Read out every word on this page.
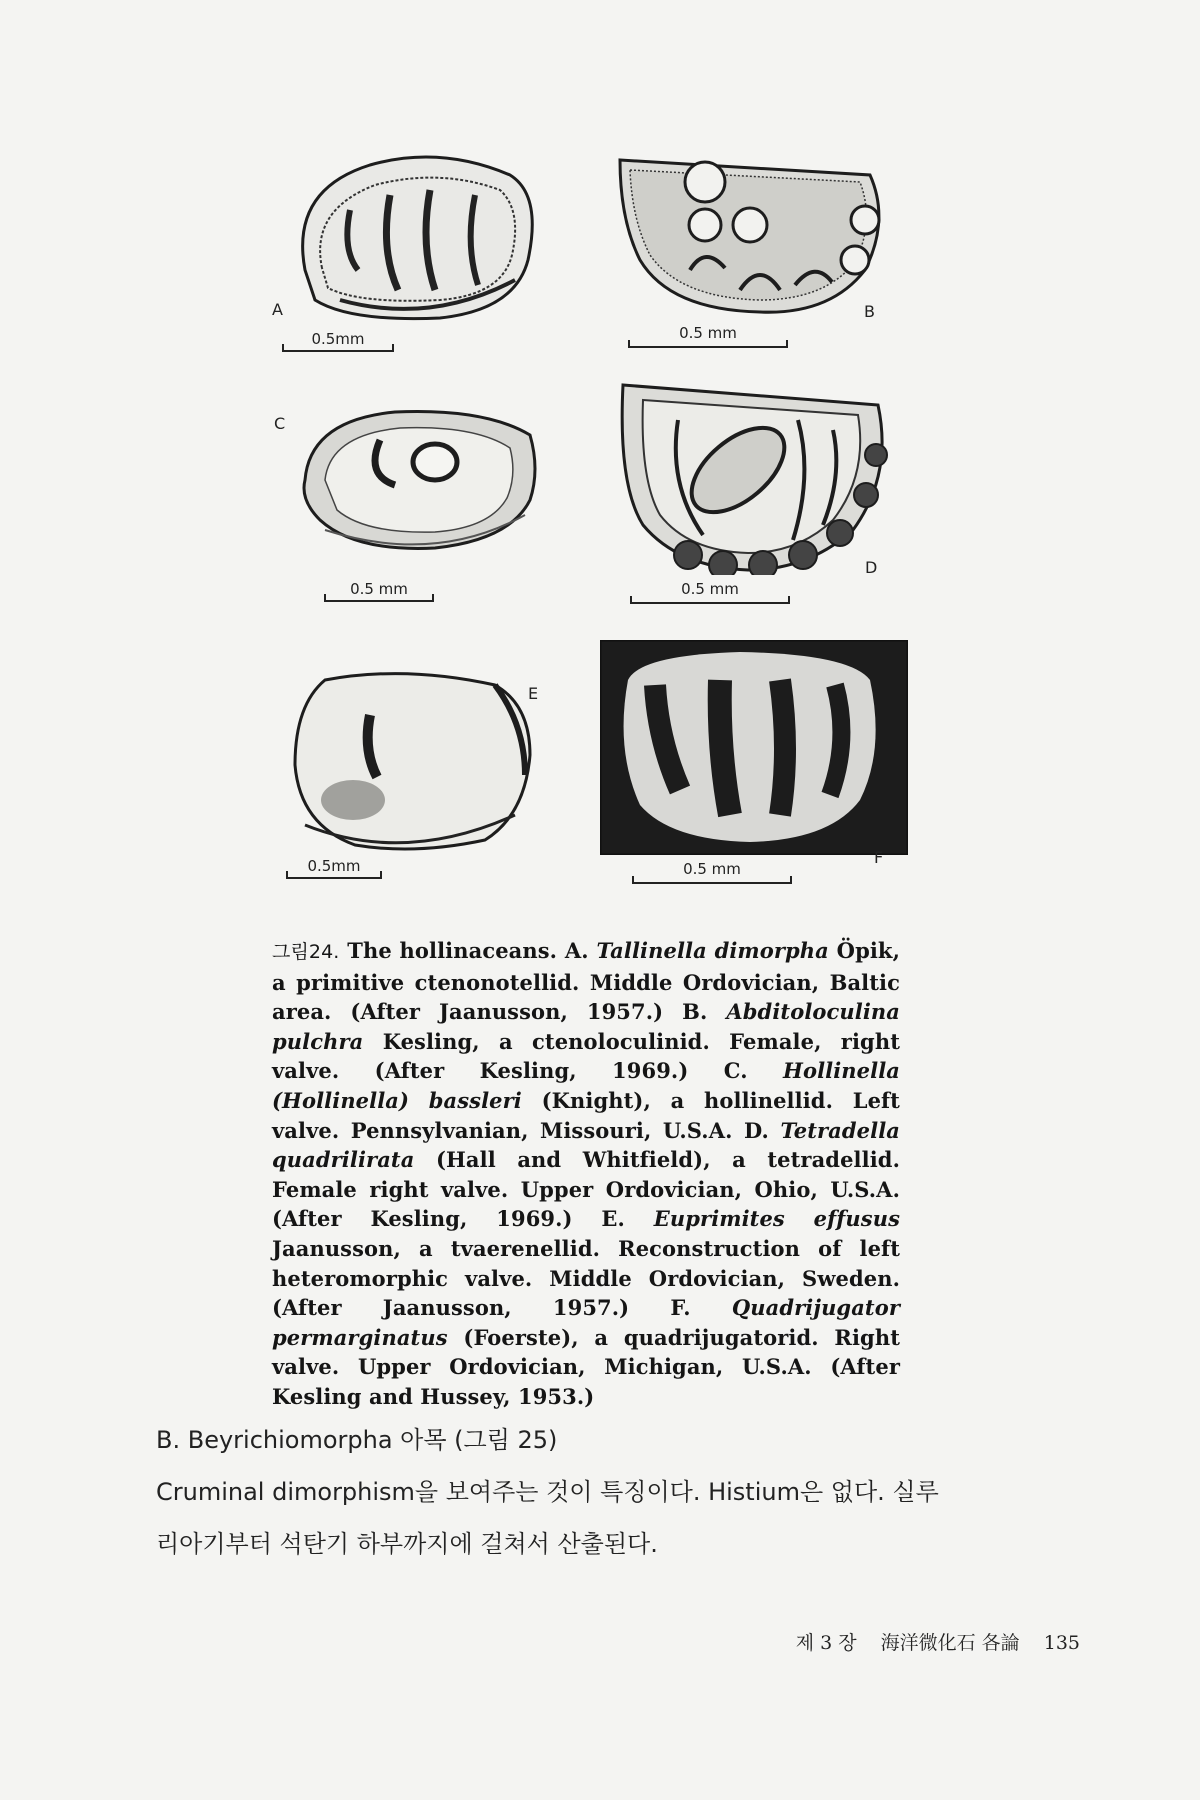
A
0.5mm
B
0.5 mm
C
0.5 mm
D
0.5 mm
E
0.5mm	F
0.5 mm
그림24. The hollinaceans. A. Tallinella dimorpha Öpik, a primitive ctenonotellid. Middle Ordovician, Baltic area. (After Jaanusson, 1957.) B. Abditoloculina pulchra Kesling, a ctenoloculinid. Female, right valve. (After Kesling, 1969.) C. Hollinella (Hollinella) bassleri (Knight), a hollinellid. Left valve. Pennsylvanian, Missouri, U.S.A. D. Tetradella quadrilirata (Hall and Whitfield), a tetradellid. Female right valve. Upper Ordovician, Ohio, U.S.A. (After Kesling, 1969.) E. Euprimites effusus Jaanusson, a tvaerenellid. Reconstruction of left heteromorphic valve. Middle Ordovician, Sweden. (After Jaanusson, 1957.) F. Quadrijugator permarginatus (Foerste), a quadrijugatorid. Right valve. Upper Ordovician, Michigan, U.S.A. (After Kesling and Hussey, 1953.)
B. Beyrichiomorpha 아목 (그림 25)
Cruminal dimorphism을 보여주는 것이 특징이다. Histium은 없다. 실루
리아기부터 석탄기 하부까지에 걸쳐서 산출된다.
제 3 장 海洋微化石 各論 135
